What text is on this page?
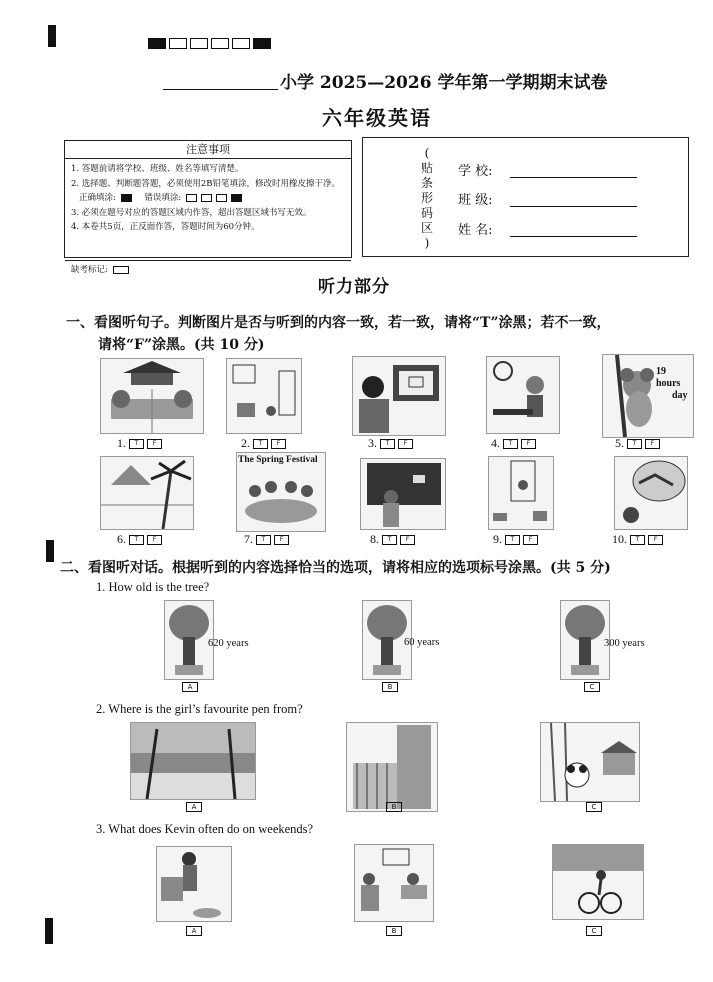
小学 2025—2026 学年第一学期期末试卷
六年级英语
注意事项
1. 答题前请将学校、班级、姓名等填写清楚。
2. 选择题、判断题答题，必须使用2B铅笔填涂，修改时用橡皮擦干净。
正确填涂:	错误填涂:
3. 必须在题号对应的答题区域内作答，超出答题区域书写无效。
4. 本卷共5页，正反面作答，答题时间为60分钟。
缺考标记:
(
贴
条
形
码
区
)
学 校:
班 级:
姓 名:
听力部分
一、看图听句子。判断图片是否与听到的内容一致，若一致，请将“T”涂黑；若不一致，
请将“F”涂黑。(共 10 分)
19
hours
day
1. T F	2. T F	3. T F	4. T F	5. T F
The Spring Festival
6. T F	7. T F	8. T F	9. T F	10. T F
二、看图听对话。根据听到的内容选择恰当的选项，请将相应的选项标号涂黑。(共 5 分)
1. How old is the tree?
620 years	60 years	300 years
A	B	C
2. Where is the girl’s favourite pen from?
A	B	C
3. What does Kevin often do on weekends?
A	B	C
